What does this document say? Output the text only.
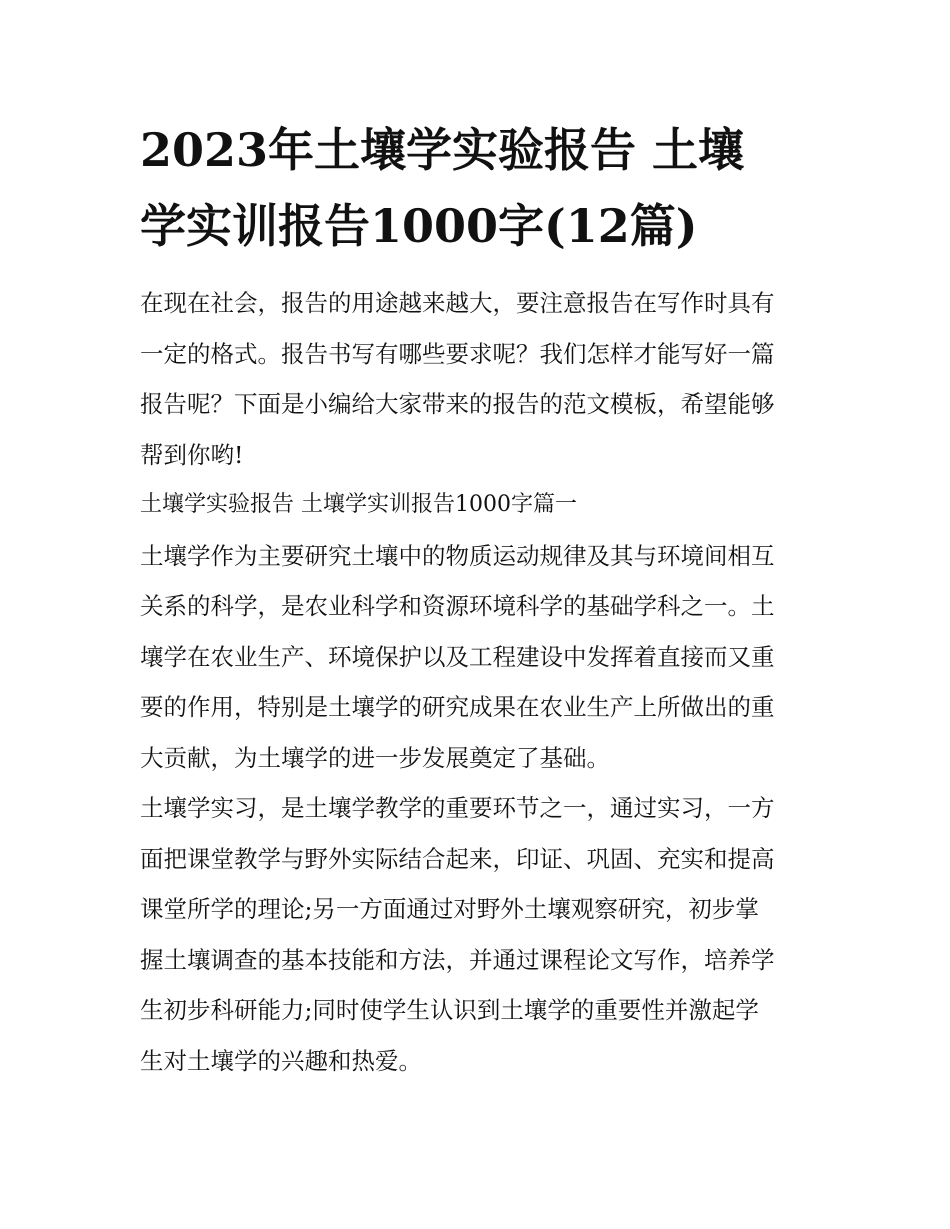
2023年土壤学实验报告 土壤
学实训报告1000字(12篇)

在现在社会，报告的用途越来越大，要注意报告在写作时具有
一定的格式。报告书写有哪些要求呢？我们怎样才能写好一篇
报告呢？下面是小编给大家带来的报告的范文模板，希望能够
帮到你哟!

土壤学实验报告 土壤学实训报告1000字篇一

土壤学作为主要研究土壤中的物质运动规律及其与环境间相互
关系的科学，是农业科学和资源环境科学的基础学科之一。土
壤学在农业生产、环境保护以及工程建设中发挥着直接而又重
要的作用，特别是土壤学的研究成果在农业生产上所做出的重
大贡献，为土壤学的进一步发展奠定了基础。

土壤学实习，是土壤学教学的重要环节之一，通过实习，一方
面把课堂教学与野外实际结合起来，印证、巩固、充实和提高
课堂所学的理论;另一方面通过对野外土壤观察研究，初步掌
握土壤调查的基本技能和方法，并通过课程论文写作，培养学
生初步科研能力;同时使学生认识到土壤学的重要性并激起学
生对土壤学的兴趣和热爱。
